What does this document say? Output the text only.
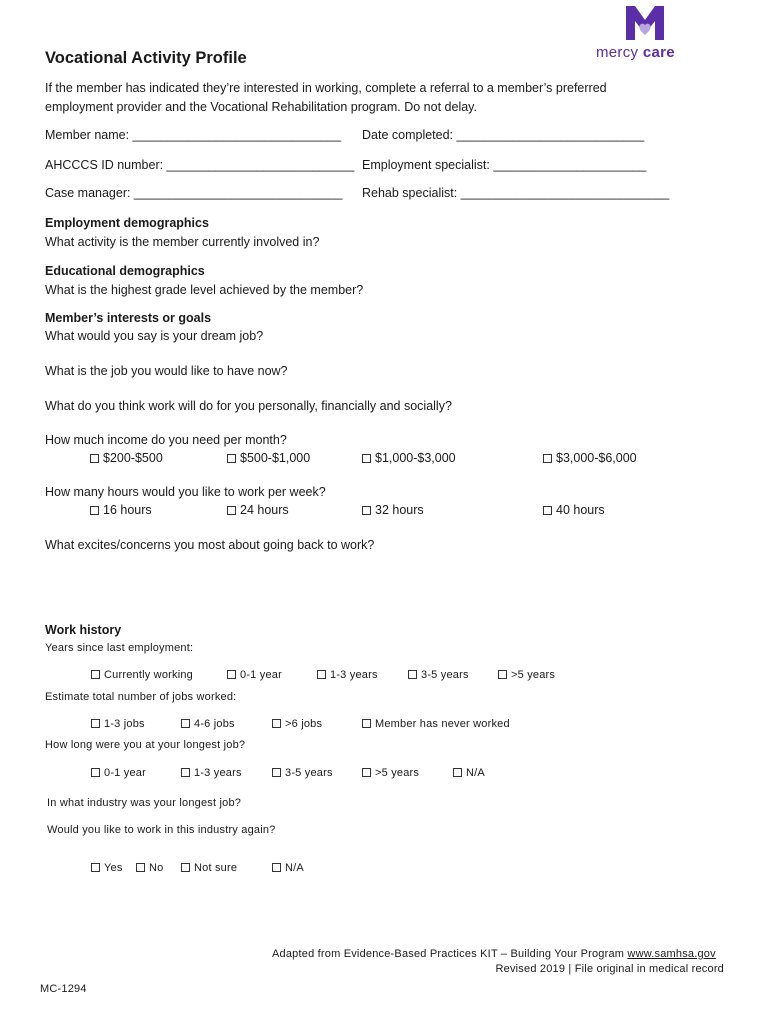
mercy care
Vocational Activity Profile
If the member has indicated they’re interested in working, complete a referral to a member’s preferred
employment provider and the Vocational Rehabilitation program. Do not delay.
Member name: ______________________________ Date completed: ___________________________
AHCCCS ID number: ___________________________ Employment specialist: ______________________
Case manager: ______________________________ Rehab specialist: ______________________________
Employment demographics
What activity is the member currently involved in?
Educational demographics
What is the highest grade level achieved by the member?
Member’s interests or goals
What would you say is your dream job?
What is the job you would like to have now?
What do you think work will do for you personally, financially and socially?
How much income do you need per month?
$200-$500	$500-$1,000	$1,000-$3,000	$3,000-$6,000
How many hours would you like to work per week?
16 hours	24 hours	32 hours	40 hours
What excites/concerns you most about going back to work?
Work history
Years since last employment:
Currently working	0-1 year	1-3 years	3-5 years	>5 years
Estimate total number of jobs worked:
1-3 jobs	4-6 jobs	>6 jobs	Member has never worked
How long were you at your longest job?
0-1 year	1-3 years	3-5 years	>5 years	N/A
In what industry was your longest job?
Would you like to work in this industry again?
Yes	No	Not sure	N/A
Adapted from Evidence-Based Practices KIT – Building Your Program www.samhsa.gov
Revised 2019 | File original in medical record
MC-1294
